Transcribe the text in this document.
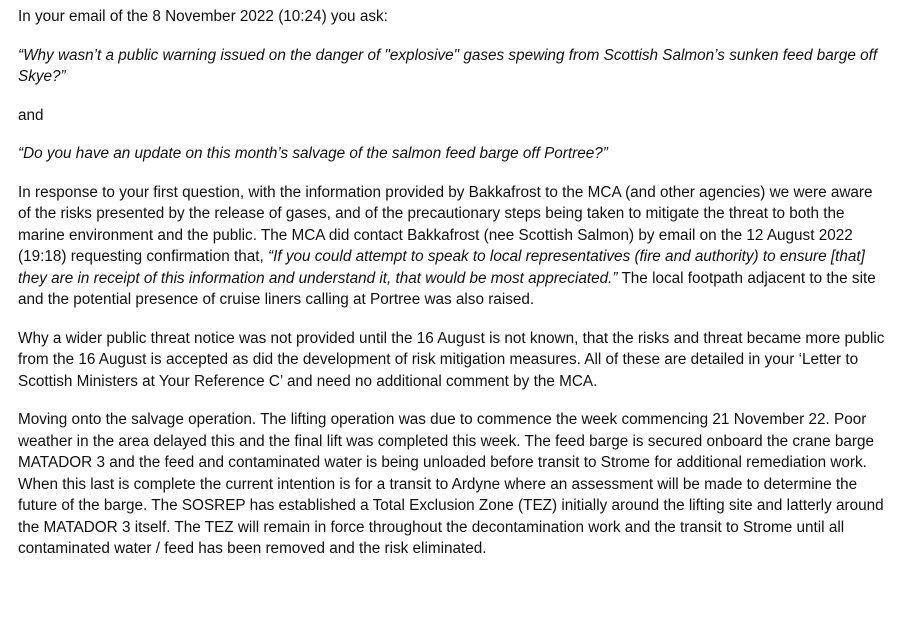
In your email of the 8 November 2022 (10:24) you ask:

“Why wasn’t a public warning issued on the danger of "explosive" gases spewing from Scottish Salmon’s sunken feed barge off Skye?”

and

“Do you have an update on this month’s salvage of the salmon feed barge off Portree?”

In response to your first question, with the information provided by Bakkafrost to the MCA (and other agencies) we were aware of the risks presented by the release of gases, and of the precautionary steps being taken to mitigate the threat to both the marine environment and the public. The MCA did contact Bakkafrost (nee Scottish Salmon) by email on the 12 August 2022 (19:18) requesting confirmation that, “If you could attempt to speak to local representatives (fire and authority) to ensure [that] they are in receipt of this information and understand it, that would be most appreciated.” The local footpath adjacent to the site and the potential presence of cruise liners calling at Portree was also raised.

Why a wider public threat notice was not provided until the 16 August is not known, that the risks and threat became more public from the 16 August is accepted as did the development of risk mitigation measures. All of these are detailed in your ‘Letter to Scottish Ministers at Your Reference C’ and need no additional comment by the MCA.

Moving onto the salvage operation. The lifting operation was due to commence the week commencing 21 November 22. Poor weather in the area delayed this and the final lift was completed this week. The feed barge is secured onboard the crane barge MATADOR 3 and the feed and contaminated water is being unloaded before transit to Strome for additional remediation work. When this last is complete the current intention is for a transit to Ardyne where an assessment will be made to determine the future of the barge. The SOSREP has established a Total Exclusion Zone (TEZ) initially around the lifting site and latterly around the MATADOR 3 itself. The TEZ will remain in force throughout the decontamination work and the transit to Strome until all contaminated water / feed has been removed and the risk eliminated.
